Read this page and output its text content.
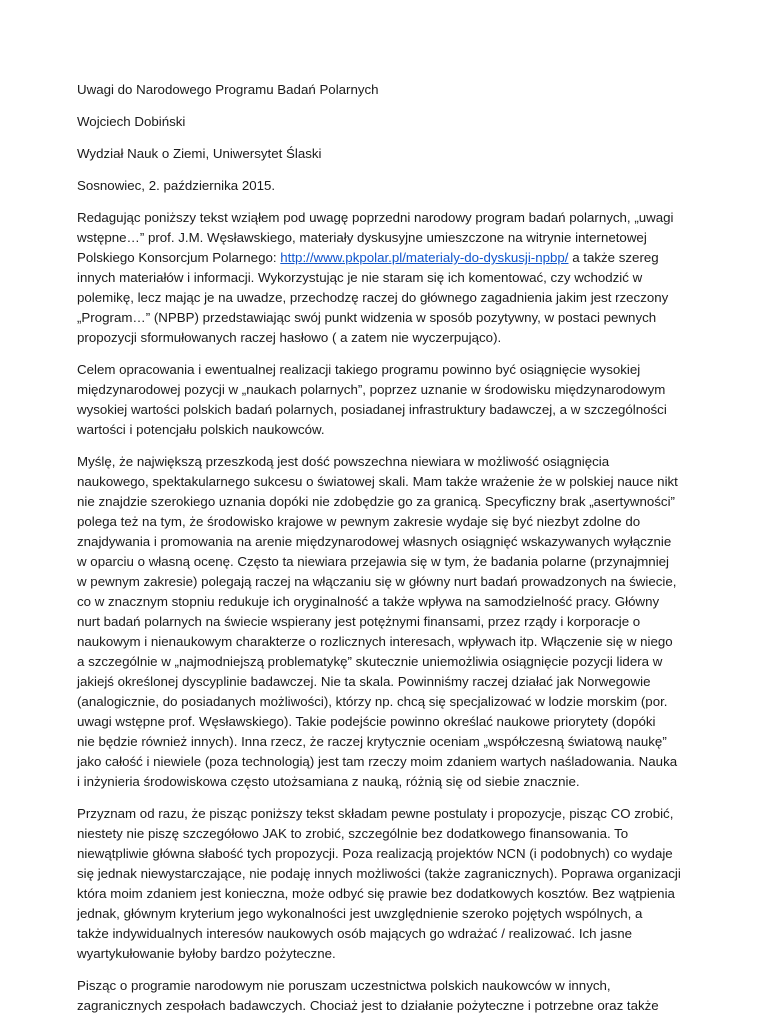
Uwagi do Narodowego Programu Badań Polarnych
Wojciech Dobiński
Wydział Nauk o Ziemi, Uniwersytet Ślaski
Sosnowiec, 2. października 2015.
Redagując poniższy tekst wziąłem pod uwagę poprzedni narodowy program badań polarnych, „uwagi
wstępne…” prof. J.M. Węsławskiego, materiały dyskusyjne umieszczone na witrynie internetowej
Polskiego Konsorcjum Polarnego: http://www.pkpolar.pl/materialy-do-dyskusji-npbp/ a także szereg
innych materiałów i informacji. Wykorzystując je nie staram się ich komentować, czy wchodzić w
polemikę, lecz mając je na uwadze, przechodzę raczej do głównego zagadnienia jakim jest rzeczony
„Program…” (NPBP) przedstawiając swój punkt widzenia w sposób pozytywny, w postaci pewnych
propozycji sformułowanych raczej hasłowo ( a zatem nie wyczerpująco).
Celem opracowania i ewentualnej realizacji takiego programu powinno być osiągnięcie wysokiej
międzynarodowej pozycji w „naukach polarnych”, poprzez uznanie w środowisku międzynarodowym
wysokiej wartości polskich badań polarnych, posiadanej infrastruktury badawczej, a w szczególności
wartości i potencjału polskich naukowców.
Myślę, że największą przeszkodą jest dość powszechna niewiara w możliwość osiągnięcia
naukowego, spektakularnego sukcesu o światowej skali. Mam także wrażenie że w polskiej nauce nikt
nie znajdzie szerokiego uznania dopóki nie zdobędzie go za granicą. Specyficzny brak „asertywności”
polega też na tym, że środowisko krajowe w pewnym zakresie wydaje się być niezbyt zdolne do
znajdywania i promowania na arenie międzynarodowej własnych osiągnięć wskazywanych wyłącznie
w oparciu o własną ocenę. Często ta niewiara przejawia się w tym, że badania polarne (przynajmniej
w pewnym zakresie) polegają raczej na włączaniu się w główny nurt badań prowadzonych na świecie,
co w znacznym stopniu redukuje ich oryginalność a także wpływa na samodzielność pracy. Główny
nurt badań polarnych na świecie wspierany jest potężnymi finansami, przez rządy i korporacje o
naukowym i nienaukowym charakterze o rozlicznych interesach, wpływach itp. Włączenie się w niego
a szczególnie w „najmodniejszą problematykę” skutecznie uniemożliwia osiągnięcie pozycji lidera w
jakiejś określonej dyscyplinie badawczej. Nie ta skala. Powinniśmy raczej działać jak Norwegowie
(analogicznie, do posiadanych możliwości), którzy np. chcą się specjalizować w lodzie morskim (por.
uwagi wstępne prof. Węsławskiego). Takie podejście powinno określać naukowe priorytety (dopóki
nie będzie również innych). Inna rzecz, że raczej krytycznie oceniam „współczesną światową naukę”
jako całość i niewiele (poza technologią) jest tam rzeczy moim zdaniem wartych naśladowania. Nauka
i inżynieria środowiskowa często utożsamiana z nauką, różnią się od siebie znacznie.
Przyznam od razu, że pisząc poniższy tekst składam pewne postulaty i propozycje, pisząc CO zrobić,
niestety nie piszę szczegółowo JAK to zrobić, szczególnie bez dodatkowego finansowania. To
niewątpliwie główna słabość tych propozycji. Poza realizacją projektów NCN (i podobnych) co wydaje
się jednak niewystarczające, nie podaję innych możliwości (także zagranicznych). Poprawa organizacji
która moim zdaniem jest konieczna, może odbyć się prawie bez dodatkowych kosztów. Bez wątpienia
jednak, głównym kryterium jego wykonalności jest uwzględnienie szeroko pojętych wspólnych, a
także indywidualnych interesów naukowych osób mających go wdrażać / realizować. Ich jasne
wyartykułowanie byłoby bardzo pożyteczne.
Pisząc o programie narodowym nie poruszam uczestnictwa polskich naukowców w innych,
zagranicznych zespołach badawczych. Chociaż jest to działanie pożyteczne i potrzebne oraz także
